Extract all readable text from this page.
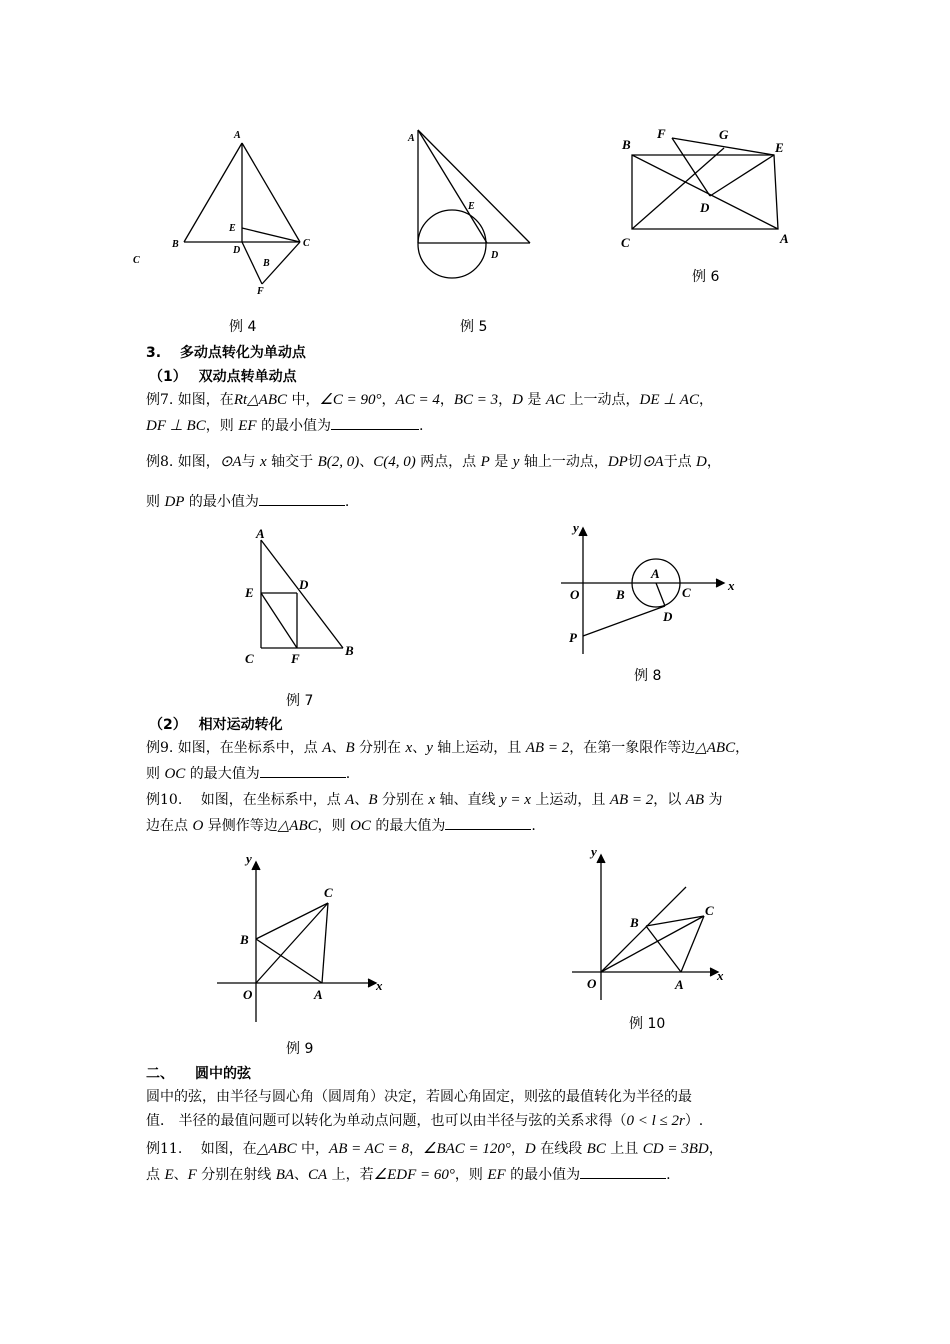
A
B
C
E
D
C
B
F
例 4
A
E
D
例 5
B
F	G
E
D
C	A
例 6
3.　 多动点转化为单动点
（1）　 双动点转单动点
例7. 如图，在Rt△ABC 中，∠C = 90°，AC = 4，BC = 3，D 是 AC 上一动点，DE ⊥ AC，
DF ⊥ BC，则 EF 的最小值为	.
例8. 如图，⊙A与 x 轴交于 B(2, 0)、C(4, 0) 两点，点 P 是 y 轴上一动点，DP切⊙A于点 D，
则 DP 的最小值为	.
A
E
D
C	F
B
例 7
y
x
A
O	B	C
D
P
例 8
（2）　 相对运动转化
例9. 如图，在坐标系中，点 A、B 分别在 x、y 轴上运动，且 AB = 2，在第一象限作等边△ABC，
则 OC 的最大值为	.
例10.　 如图，在坐标系中，点 A、B 分别在 x 轴、直线 y = x 上运动，且 AB = 2，以 AB 为
边在点 O 异侧作等边△ABC，则 OC 的最大值为	.
y
C
B
O	A
x
例 9
y
C
B
O	A
x
例 10
二、　　圆中的弦
圆中的弦，由半径与圆心角（圆周角）决定，若圆心角固定，则弦的最值转化为半径的最
值． 半径的最值问题可以转化为单动点问题，也可以由半径与弦的关系求得（0 < l ≤ 2r）.
例11.　 如图，在△ABC 中，AB = AC = 8，∠BAC = 120°，D 在线段 BC 上且 CD = 3BD，
点 E、F 分别在射线 BA、CA 上，若∠EDF = 60°，则 EF 的最小值为	.
